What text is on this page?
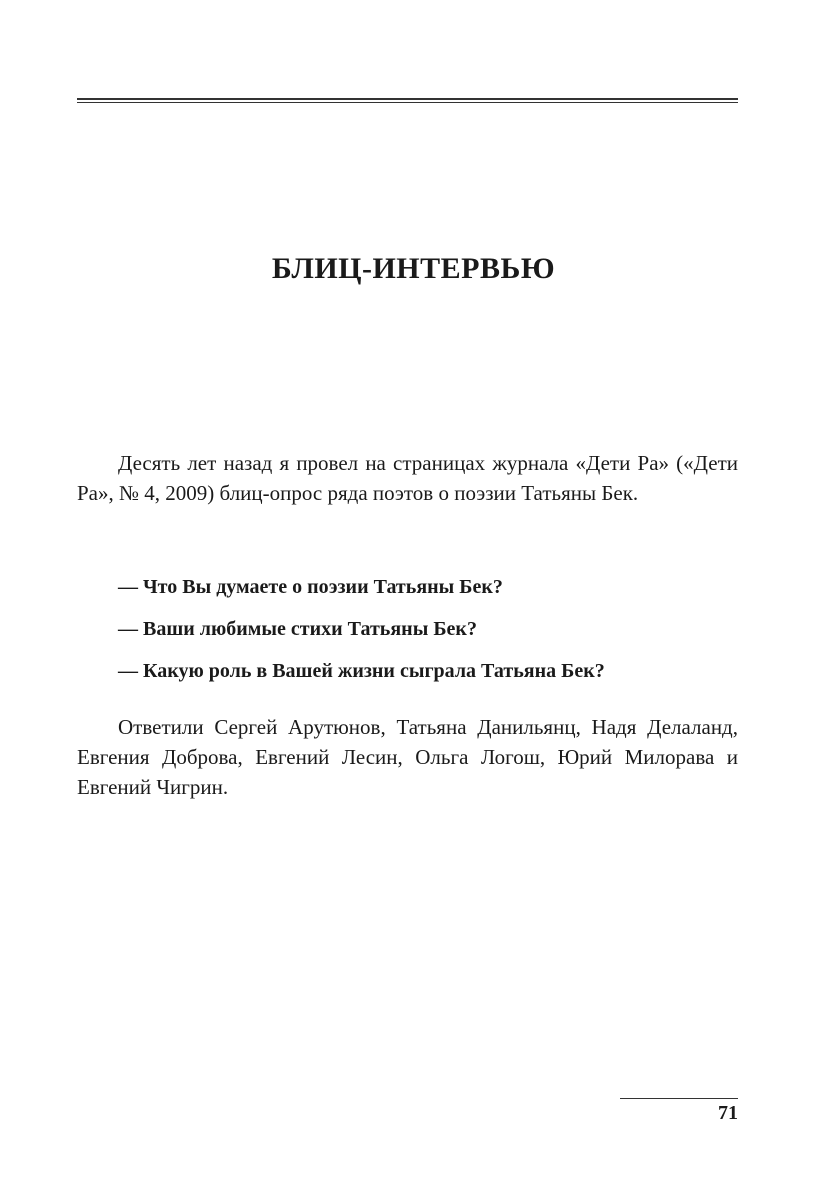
БЛИЦ-ИНТЕРВЬЮ

Десять лет назад я провел на страницах журнала «Дети Ра» («Дети Ра», № 4, 2009) блиц-опрос ряда поэтов о поэзии Татьяны Бек.

— Что Вы думаете о поэзии Татьяны Бек?
— Ваши любимые стихи Татьяны Бек?
— Какую роль в Вашей жизни сыграла Татьяна Бек?

Ответили Сергей Арутюнов, Татьяна Данильянц, Надя Делаланд, Евгения Доброва, Евгений Лесин, Ольга Логош, Юрий Милорава и Евгений Чигрин.

71
